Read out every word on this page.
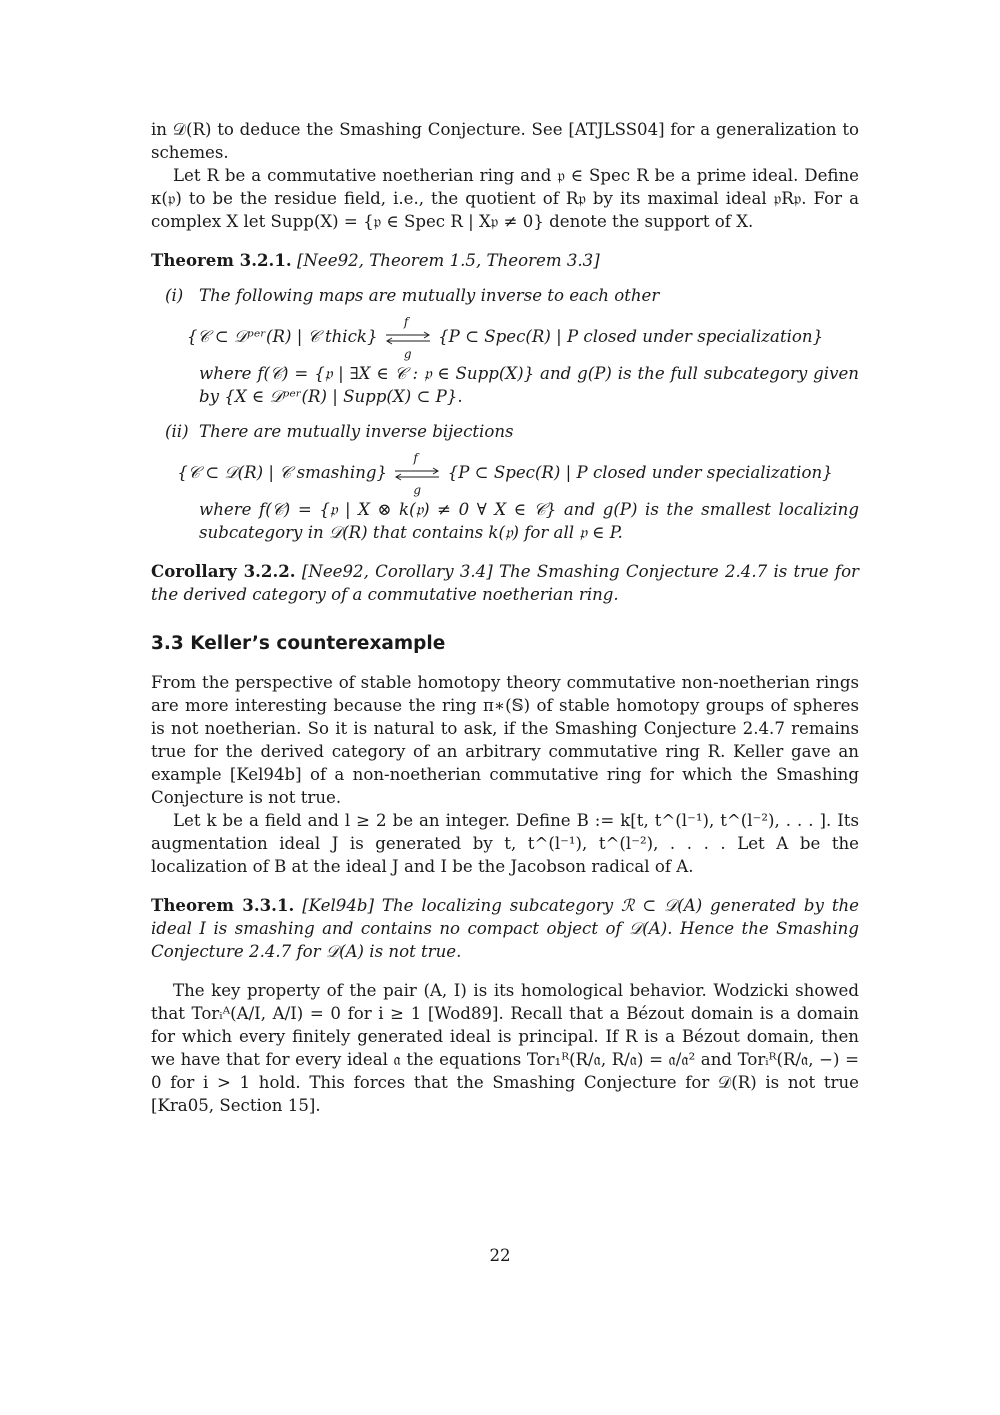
in 𝒟(R) to deduce the Smashing Conjecture. See [ATJLSS04] for a generalization to schemes.

Let R be a commutative noetherian ring and 𝔭 ∈ Spec R be a prime ideal. Define κ(𝔭) to be the residue field, i.e., the quotient of R𝔭 by its maximal ideal 𝔭R𝔭. For a complex X let Supp(X) = {𝔭 ∈ Spec R | X𝔭 ≠ 0} denote the support of X.

Theorem 3.2.1. [Nee92, Theorem 1.5, Theorem 3.3]

(i) The following maps are mutually inverse to each other

{𝒞 ⊂ 𝒟ᵖᵉʳ(R) | 𝒞 thick}
f
g
{P ⊂ Spec(R) | P closed under specialization}

where f(𝒞) = {𝔭 | ∃X ∈ 𝒞 : 𝔭 ∈ Supp(X)} and g(P) is the full subcategory given by {X ∈ 𝒟ᵖᵉʳ(R) | Supp(X) ⊂ P}.

(ii) There are mutually inverse bijections

{𝒞 ⊂ 𝒟(R) | 𝒞 smashing}
f
g
{P ⊂ Spec(R) | P closed under specialization}

where f(𝒞) = {𝔭 | X ⊗ k(𝔭) ≠ 0 ∀ X ∈ 𝒞} and g(P) is the smallest localizing subcategory in 𝒟(R) that contains k(𝔭) for all 𝔭 ∈ P.

Corollary 3.2.2. [Nee92, Corollary 3.4] The Smashing Conjecture 2.4.7 is true for the derived category of a commutative noetherian ring.

3.3 Keller’s counterexample

From the perspective of stable homotopy theory commutative non-noetherian rings are more interesting because the ring π∗(𝕊) of stable homotopy groups of spheres is not noetherian. So it is natural to ask, if the Smashing Conjecture 2.4.7 remains true for the derived category of an arbitrary commutative ring R. Keller gave an example [Kel94b] of a non-noetherian commutative ring for which the Smashing Conjecture is not true.

Let k be a field and l ≥ 2 be an integer. Define B := k[t, t^(l⁻¹), t^(l⁻²), . . . ]. Its augmentation ideal J is generated by t, t^(l⁻¹), t^(l⁻²), . . . . Let A be the localization of B at the ideal J and I be the Jacobson radical of A.

Theorem 3.3.1. [Kel94b] The localizing subcategory ℛ ⊂ 𝒟(A) generated by the ideal I is smashing and contains no compact object of 𝒟(A). Hence the Smashing Conjecture 2.4.7 for 𝒟(A) is not true.

The key property of the pair (A, I) is its homological behavior. Wodzicki showed that Torᵢᴬ(A/I, A/I) = 0 for i ≥ 1 [Wod89]. Recall that a Bézout domain is a domain for which every finitely generated ideal is principal. If R is a Bézout domain, then we have that for every ideal 𝔞 the equations Tor₁ᴿ(R/𝔞, R/𝔞) = 𝔞/𝔞² and Torᵢᴿ(R/𝔞, −) = 0 for i > 1 hold. This forces that the Smashing Conjecture for 𝒟(R) is not true [Kra05, Section 15].

22
